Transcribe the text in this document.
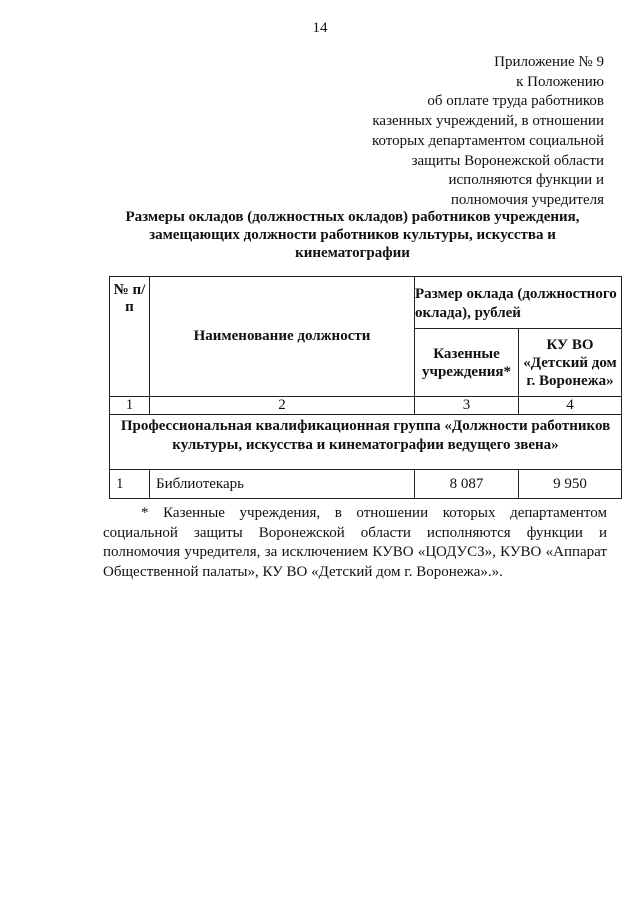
14
Приложение № 9
к Положению
об оплате труда работников
казенных учреждений, в отношении
которых департаментом социальной
защиты Воронежской области
исполняются функции и
полномочия учредителя
Размеры окладов (должностных окладов) работников учреждения,
замещающих должности работников культуры, искусства и
кинематографии
№ п/п	Наименование должности	Размер оклада (должностного оклада), рублей	
		Казенные учреждения*	КУ ВО «Детский дом г. Воронежа»
1	2	3	4
Профессиональная квалификационная группа «Должности работников культуры, искусства и кинематографии ведущего звена»			
1	Библиотекарь	8 087	9 950

* Казенные учреждения, в отношении которых департаментом социальной защиты Воронежской области исполняются функции и полномочия учредителя, за исключением КУВО «ЦОДУСЗ», КУВО «Аппарат Общественной палаты», КУ ВО «Детский дом г. Воронежа».».
